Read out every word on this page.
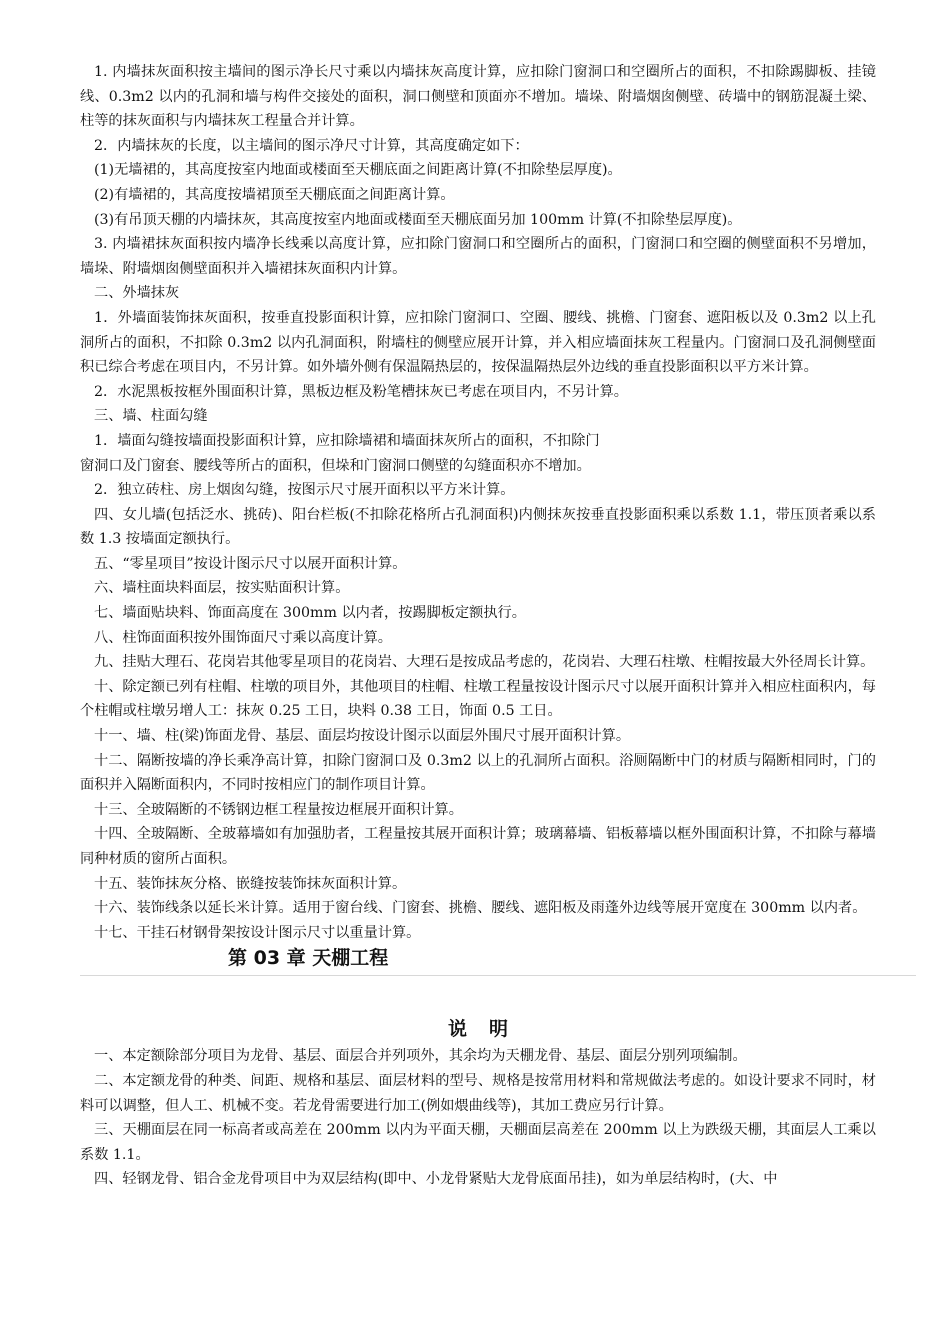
1. 内墙抹灰面积按主墙间的图示净长尺寸乘以内墙抹灰高度计算，应扣除门窗洞口和空圈所占的面积，不扣除踢脚板、挂镜线、0.3m2 以内的孔洞和墙与构件交接处的面积，洞口侧壁和顶面亦不增加。墙垛、附墙烟囱侧壁、砖墙中的钢筋混凝土梁、柱等的抹灰面积与内墙抹灰工程量合并计算。

2．内墙抹灰的长度，以主墙间的图示净尺寸计算，其高度确定如下：

(1)无墙裙的，其高度按室内地面或楼面至天棚底面之间距离计算(不扣除垫层厚度)。

(2)有墙裙的，其高度按墙裙顶至天棚底面之间距离计算。

(3)有吊顶天棚的内墙抹灰，其高度按室内地面或楼面至天棚底面另加 100mm 计算(不扣除垫层厚度)。

3. 内墙裙抹灰面积按内墙净长线乘以高度计算，应扣除门窗洞口和空圈所占的面积，门窗洞口和空圈的侧壁面积不另增加，墙垛、附墙烟囱侧壁面积并入墙裙抹灰面积内计算。

二、外墙抹灰

1．外墙面装饰抹灰面积，按垂直投影面积计算，应扣除门窗洞口、空圈、腰线、挑檐、门窗套、遮阳板以及 0.3m2 以上孔洞所占的面积，不扣除 0.3m2 以内孔洞面积，附墙柱的侧壁应展开计算，并入相应墙面抹灰工程量内。门窗洞口及孔洞侧壁面积已综合考虑在项目内，不另计算。如外墙外侧有保温隔热层的，按保温隔热层外边线的垂直投影面积以平方米计算。

2．水泥黑板按框外围面积计算，黑板边框及粉笔槽抹灰已考虑在项目内，不另计算。

三、墙、柱面勾缝

1．墙面勾缝按墙面投影面积计算，应扣除墙裙和墙面抹灰所占的面积，不扣除门

窗洞口及门窗套、腰线等所占的面积，但垛和门窗洞口侧壁的勾缝面积亦不增加。

2．独立砖柱、房上烟囱勾缝，按图示尺寸展开面积以平方米计算。

四、女儿墙(包括泛水、挑砖)、阳台栏板(不扣除花格所占孔洞面积)内侧抹灰按垂直投影面积乘以系数 1.1，带压顶者乘以系数 1.3 按墙面定额执行。

五、“零星项目”按设计图示尺寸以展开面积计算。

六、墙柱面块料面层，按实贴面积计算。

七、墙面贴块料、饰面高度在 300mm 以内者，按踢脚板定额执行。

八、柱饰面面积按外围饰面尺寸乘以高度计算。

九、挂贴大理石、花岗岩其他零星项目的花岗岩、大理石是按成品考虑的，花岗岩、大理石柱墩、柱帽按最大外径周长计算。

十、除定额已列有柱帽、柱墩的项目外，其他项目的柱帽、柱墩工程量按设计图示尺寸以展开面积计算并入相应柱面积内，每个柱帽或柱墩另增人工：抹灰 0.25 工日，块料 0.38 工日，饰面 0.5 工日。

十一、墙、柱(梁)饰面龙骨、基层、面层均按设计图示以面层外围尺寸展开面积计算。

十二、隔断按墙的净长乘净高计算，扣除门窗洞口及 0.3m2 以上的孔洞所占面积。浴厕隔断中门的材质与隔断相同时，门的面积并入隔断面积内，不同时按相应门的制作项目计算。

十三、全玻隔断的不锈钢边框工程量按边框展开面积计算。

十四、全玻隔断、全玻幕墙如有加强肋者，工程量按其展开面积计算；玻璃幕墙、铝板幕墙以框外围面积计算，不扣除与幕墙同种材质的窗所占面积。

十五、装饰抹灰分格、嵌缝按装饰抹灰面积计算。

十六、装饰线条以延长米计算。适用于窗台线、门窗套、挑檐、腰线、遮阳板及雨蓬外边线等展开宽度在 300mm 以内者。

十七、干挂石材钢骨架按设计图示尺寸以重量计算。

第 03 章 天棚工程
说明

一、本定额除部分项目为龙骨、基层、面层合并列项外，其余均为天棚龙骨、基层、面层分别列项编制。

二、本定额龙骨的种类、间距、规格和基层、面层材料的型号、规格是按常用材料和常规做法考虑的。如设计要求不同时，材料可以调整，但人工、机械不变。若龙骨需要进行加工(例如煨曲线等)，其加工费应另行计算。

三、天棚面层在同一标高者或高差在 200mm 以内为平面天棚，天棚面层高差在 200mm 以上为跌级天棚，其面层人工乘以系数 1.1。

四、轻钢龙骨、铝合金龙骨项目中为双层结构(即中、小龙骨紧贴大龙骨底面吊挂)，如为单层结构时，(大、中
